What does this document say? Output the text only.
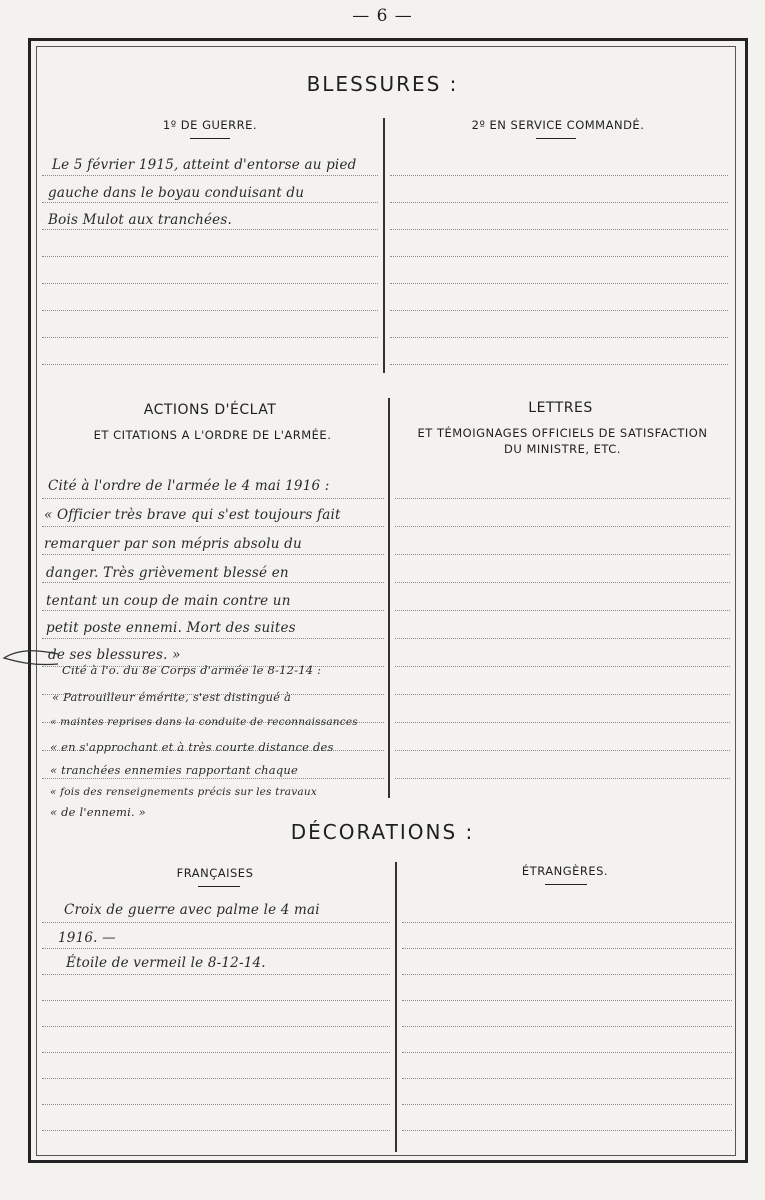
— 6 —
BLESSURES :
1º DE GUERRE.	2º EN SERVICE COMMANDÉ.
Le 5 février 1915, atteint d'entorse au pied
gauche dans le boyau conduisant du
Bois Mulot aux tranchées.
ACTIONS D'ÉCLAT
ET CITATIONS A L'ORDRE DE L'ARMÉE.
LETTRES
ET TÉMOIGNAGES OFFICIELS DE SATISFACTION
DU MINISTRE, ETC.
Cité à l'ordre de l'armée le 4 mai 1916 :
« Officier très brave qui s'est toujours fait
remarquer par son mépris absolu du
danger. Très grièvement blessé en
tentant un coup de main contre un
petit poste ennemi. Mort des suites
de ses blessures. »
Cité à l'o. du 8e Corps d'armée le 8-12-14 :
« Patrouilleur émérite, s'est distingué à
« maintes reprises dans la conduite de reconnaissances
« en s'approchant et à très courte distance des
« tranchées ennemies rapportant chaque
« fois des renseignements précis sur les travaux
« de l'ennemi. »
DÉCORATIONS :
FRANÇAISES	ÉTRANGÈRES.
Croix de guerre avec palme le 4 mai
1916. —
Étoile de vermeil le 8-12-14.
